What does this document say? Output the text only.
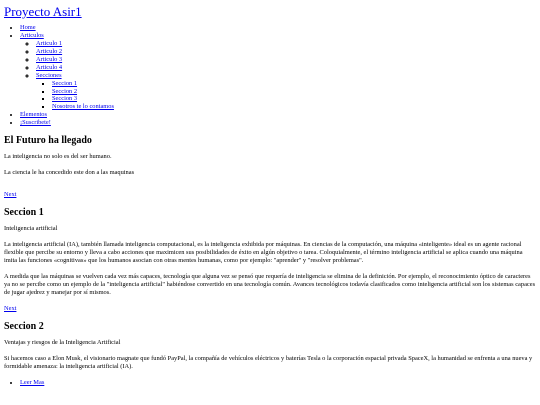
Proyecto Asir1
• Home
• Articulos
◦ Articulo 1
◦ Articulo 2
◦ Articulo 3
◦ Articulo 4
◦ Secciones
▪ Seccion 1
▪ Seccion 2
▪ Seccion 3
▪ Nosotros te lo contamos
• Elementos
• ¡Suscribete!
El Futuro ha llegado

La inteligencia no solo es del ser humano.

La ciencia le ha concedido este don a las maquinas

Next
Seccion 1

Inteligencia artificial

La inteligencia artificial (IA), también llamada inteligencia computacional, es la inteligencia exhibida por máquinas. En ciencias de la computación, una máquina «inteligente» ideal es un agente racional flexible que percibe su entorno y lleva a cabo acciones que maximicen sus posibilidades de éxito en algún objetivo o tarea. Coloquialmente, el término inteligencia artificial se aplica cuando una máquina imita las funciones «cognitivas» que los humanos asocian con otras mentes humanas, como por ejemplo: "aprender" y "resolver problemas".

A medida que las máquinas se vuelven cada vez más capaces, tecnología que alguna vez se pensó que requería de inteligencia se elimina de la definición. Por ejemplo, el reconocimiento óptico de caracteres ya no se percibe como un ejemplo de la "inteligencia artificial" habiéndose convertido en una tecnología común. Avances tecnológicos todavía clasificados como inteligencia artificial son los sistemas capaces de jugar ajedrez y manejar por sí mismos.

Next
Seccion 2

Ventajas y riesgos de la Inteligencia Artificial

Si hacemos caso a Elon Musk, el visionario magnate que fundó PayPal, la compañía de vehículos eléctricos y baterías Tesla o la corporación espacial privada SpaceX, la humanidad se enfrenta a una nueva y formidable amenaza: la inteligencia artificial (IA).

• Leer Mas
